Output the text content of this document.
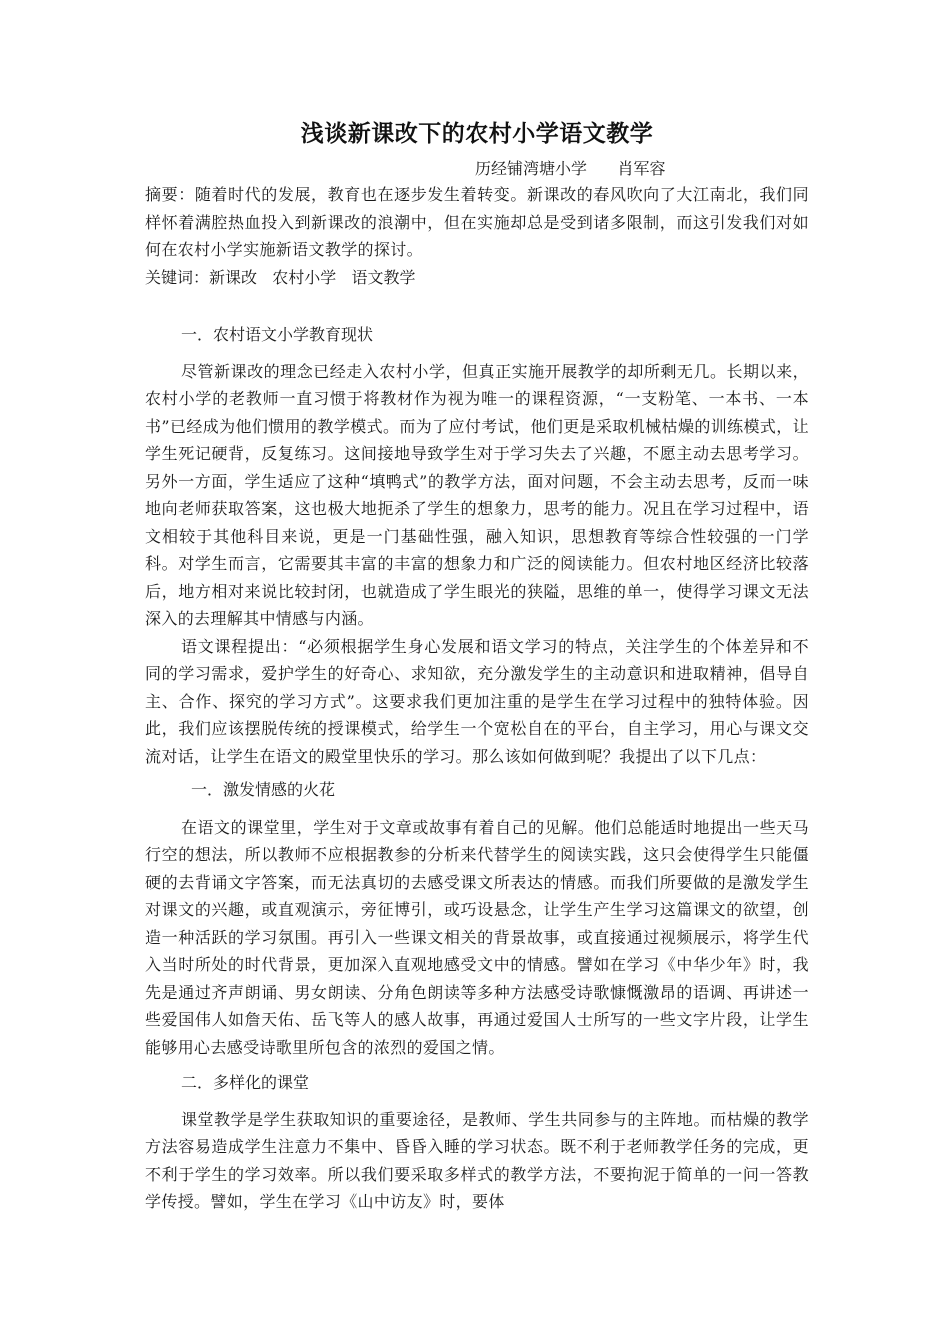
浅谈新课改下的农村小学语文教学
历经铺湾塘小学      肖军容

摘要：随着时代的发展，教育也在逐步发生着转变。新课改的春风吹向了大江南北，我们同样怀着满腔热血投入到新课改的浪潮中，但在实施却总是受到诸多限制，而这引发我们对如何在农村小学实施新语文教学的探讨。

关键词：新课改   农村小学   语文教学
一．农村语文小学教育现状

尽管新课改的理念已经走入农村小学，但真正实施开展教学的却所剩无几。长期以来，农村小学的老教师一直习惯于将教材作为视为唯一的课程资源，“一支粉笔、一本书、一本书”已经成为他们惯用的教学模式。而为了应付考试，他们更是采取机械枯燥的训练模式，让学生死记硬背，反复练习。这间接地导致学生对于学习失去了兴趣，不愿主动去思考学习。另外一方面，学生适应了这种“填鸭式”的教学方法，面对问题，不会主动去思考，反而一味地向老师获取答案，这也极大地扼杀了学生的想象力，思考的能力。况且在学习过程中，语文相较于其他科目来说，更是一门基础性强，融入知识，思想教育等综合性较强的一门学科。对学生而言，它需要其丰富的丰富的想象力和广泛的阅读能力。但农村地区经济比较落后，地方相对来说比较封闭，也就造成了学生眼光的狭隘，思维的单一，使得学习课文无法深入的去理解其中情感与内涵。

语文课程提出：“必须根据学生身心发展和语文学习的特点，关注学生的个体差异和不同的学习需求，爱护学生的好奇心、求知欲，充分激发学生的主动意识和进取精神，倡导自主、合作、探究的学习方式”。这要求我们更加注重的是学生在学习过程中的独特体验。因此，我们应该摆脱传统的授课模式，给学生一个宽松自在的平台，自主学习，用心与课文交流对话，让学生在语文的殿堂里快乐的学习。那么该如何做到呢？我提出了以下几点：

一．激发情感的火花

在语文的课堂里，学生对于文章或故事有着自己的见解。他们总能适时地提出一些天马行空的想法，所以教师不应根据教参的分析来代替学生的阅读实践，这只会使得学生只能僵硬的去背诵文字答案，而无法真切的去感受课文所表达的情感。而我们所要做的是激发学生对课文的兴趣，或直观演示，旁征博引，或巧设悬念，让学生产生学习这篇课文的欲望，创造一种活跃的学习氛围。再引入一些课文相关的背景故事，或直接通过视频展示，将学生代入当时所处的时代背景，更加深入直观地感受文中的情感。譬如在学习《中华少年》时，我先是通过齐声朗诵、男女朗读、分角色朗读等多种方法感受诗歌慷慨激昂的语调、再讲述一些爱国伟人如詹天佑、岳飞等人的感人故事，再通过爱国人士所写的一些文字片段，让学生能够用心去感受诗歌里所包含的浓烈的爱国之情。

二．多样化的课堂

课堂教学是学生获取知识的重要途径，是教师、学生共同参与的主阵地。而枯燥的教学方法容易造成学生注意力不集中、昏昏入睡的学习状态。既不利于老师教学任务的完成，更不利于学生的学习效率。所以我们要采取多样式的教学方法，不要拘泥于简单的一问一答教学传授。譬如，学生在学习《山中访友》时，要体
